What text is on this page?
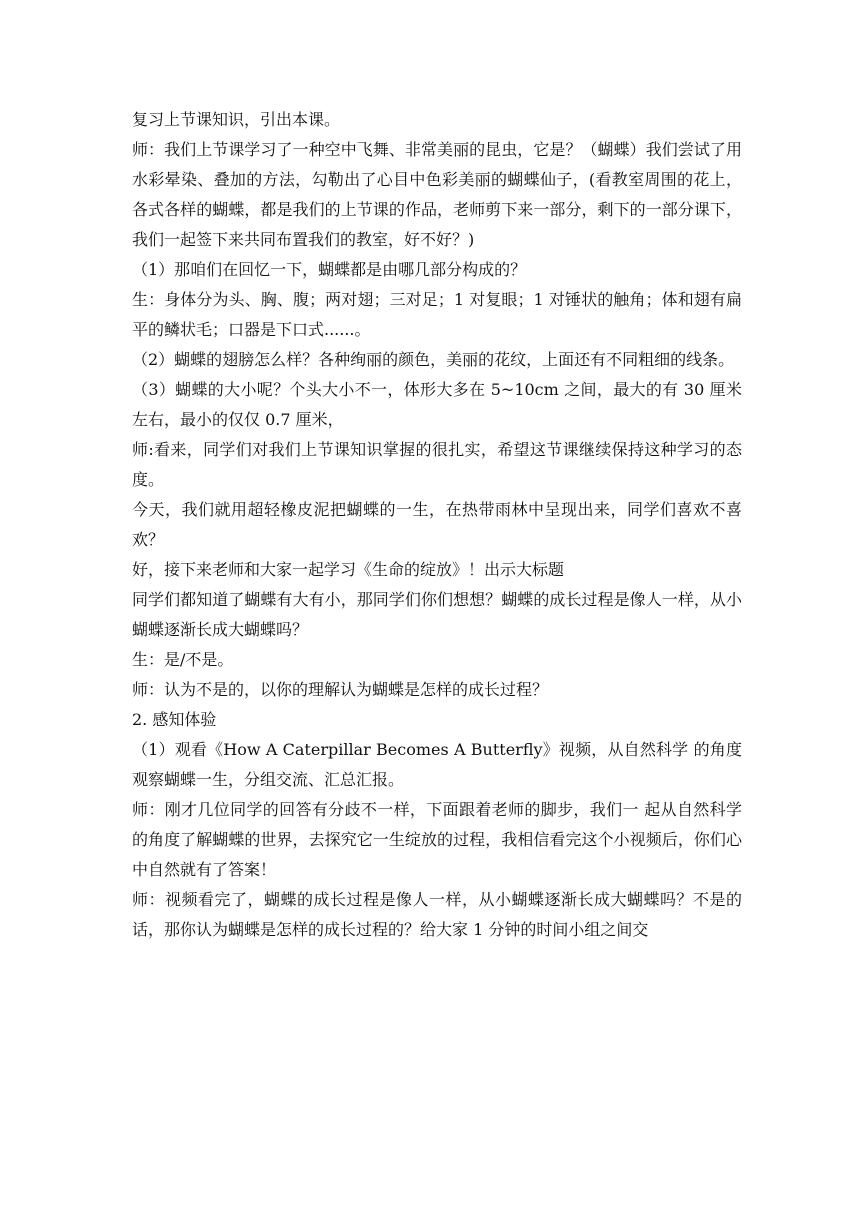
复习上节课知识，引出本课。

师：我们上节课学习了一种空中飞舞、非常美丽的昆虫，它是？（蝴蝶）我们尝试了用水彩晕染、叠加的方法，勾勒出了心目中色彩美丽的蝴蝶仙子，(看教室周围的花上，各式各样的蝴蝶，都是我们的上节课的作品，老师剪下来一部分，剩下的一部分课下，我们一起签下来共同布置我们的教室，好不好？)

（1）那咱们在回忆一下，蝴蝶都是由哪几部分构成的？

生：身体分为头、胸、腹；两对翅；三对足；1 对复眼；1 对锤状的触角；体和翅有扁平的鳞状毛；口器是下口式......。

（2）蝴蝶的翅膀怎么样？各种绚丽的颜色，美丽的花纹，上面还有不同粗细的线条。

（3）蝴蝶的大小呢？个头大小不一，体形大多在 5~10cm 之间，最大的有 30 厘米左右，最小的仅仅 0.7 厘米，

师:看来，同学们对我们上节课知识掌握的很扎实，希望这节课继续保持这种学习的态度。

今天，我们就用超轻橡皮泥把蝴蝶的一生，在热带雨林中呈现出来，同学们喜欢不喜欢？

好，接下来老师和大家一起学习《生命的绽放》！出示大标题

同学们都知道了蝴蝶有大有小，那同学们你们想想？蝴蝶的成长过程是像人一样，从小蝴蝶逐渐长成大蝴蝶吗？

生：是/不是。

师：认为不是的，以你的理解认为蝴蝶是怎样的成长过程？

2. 感知体验

（1）观看《How A Caterpillar Becomes A Butterfly》视频，从自然科学 的角度观察蝴蝶一生，分组交流、汇总汇报。

师：刚才几位同学的回答有分歧不一样，下面跟着老师的脚步，我们一 起从自然科学的角度了解蝴蝶的世界，去探究它一生绽放的过程，我相信看完这个小视频后，你们心中自然就有了答案！

师：视频看完了，蝴蝶的成长过程是像人一样，从小蝴蝶逐渐长成大蝴蝶吗？不是的话，那你认为蝴蝶是怎样的成长过程的？给大家 1 分钟的时间小组之间交
